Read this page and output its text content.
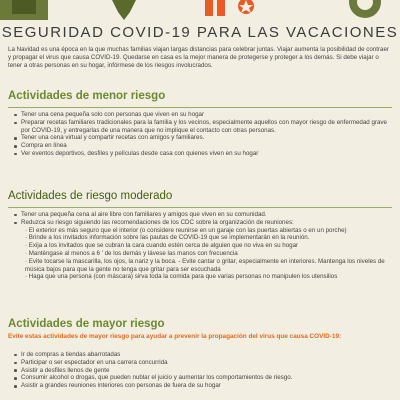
SEGURIDAD COVID-19 PARA LAS VACACIONES
La Navidad es una época en la que muchas familias viajan largas distancias para celebrar juntas. Viajar aumenta la posibilidad de contraer y propagar el virus que causa COVID-19. Quedarse en casa es la mejor manera de protegerse y proteger a los demás. Si debe viajar o tener a otras personas en su hogar, infórmese de los riesgos involucrados.
Actividades de menor riesgo
Tener una cena pequeña solo con personas que viven en su hogar
Preparar recetas familiares tradicionales para la familia y los vecinos, especialmente aquellos con mayor riesgo de enfermedad grave por COVID-19, y entregarlas de una manera que no implique el contacto con otras personas.
Tener una cena virtual y compartir recetas con amigos y familiares.
Compra en línea
Ver eventos deportivos, desfiles y películas desde casa con quienes viven en su hogar
Actividades de riesgo moderado
Tener una pequeña cena al aire libre con familiares y amigos que viven en su comunidad.
Reduzca su riesgo siguiendo las recomendaciones de los CDC sobre la organización de reuniones:
· El exterior es más seguro que el interior (o considere reunirse en un garaje con las puertas abiertas o en un porche)
· Brinde a los invitados información sobre las pautas de COVID-19 que se implementarán en la reunión.
· Exija a los invitados que se cubran la cara cuando estén cerca de alguien que no viva en su hogar
· Manténgase al menos a 6 ' de los demás y lávese las manos con frecuencia
· Evite tocarse la mascarilla, los ojos, la nariz y la boca. - Evite cantar o gritar, especialmente en interiores. Mantenga los niveles de música bajos para que la gente no tenga que gritar para ser escuchada
· Haga que una persona (con máscara) sirva toda la comida para que varias personas no manipulen los utensilios
Actividades de mayor riesgo
Evite estas actividades de mayor riesgo para ayudar a prevenir la propagación del virus que causa COVID-19:
Ir de compras a tiendas abarrotadas
Participar o ser espectador en una carrera concurrida
Asistir a desfiles llenos de gente
Consumir alcohol o drogas, que pueden nublar el juicio y aumentar los comportamientos de riesgo.
Asistir a grandes reuniones interiores con personas de fuera de su hogar
